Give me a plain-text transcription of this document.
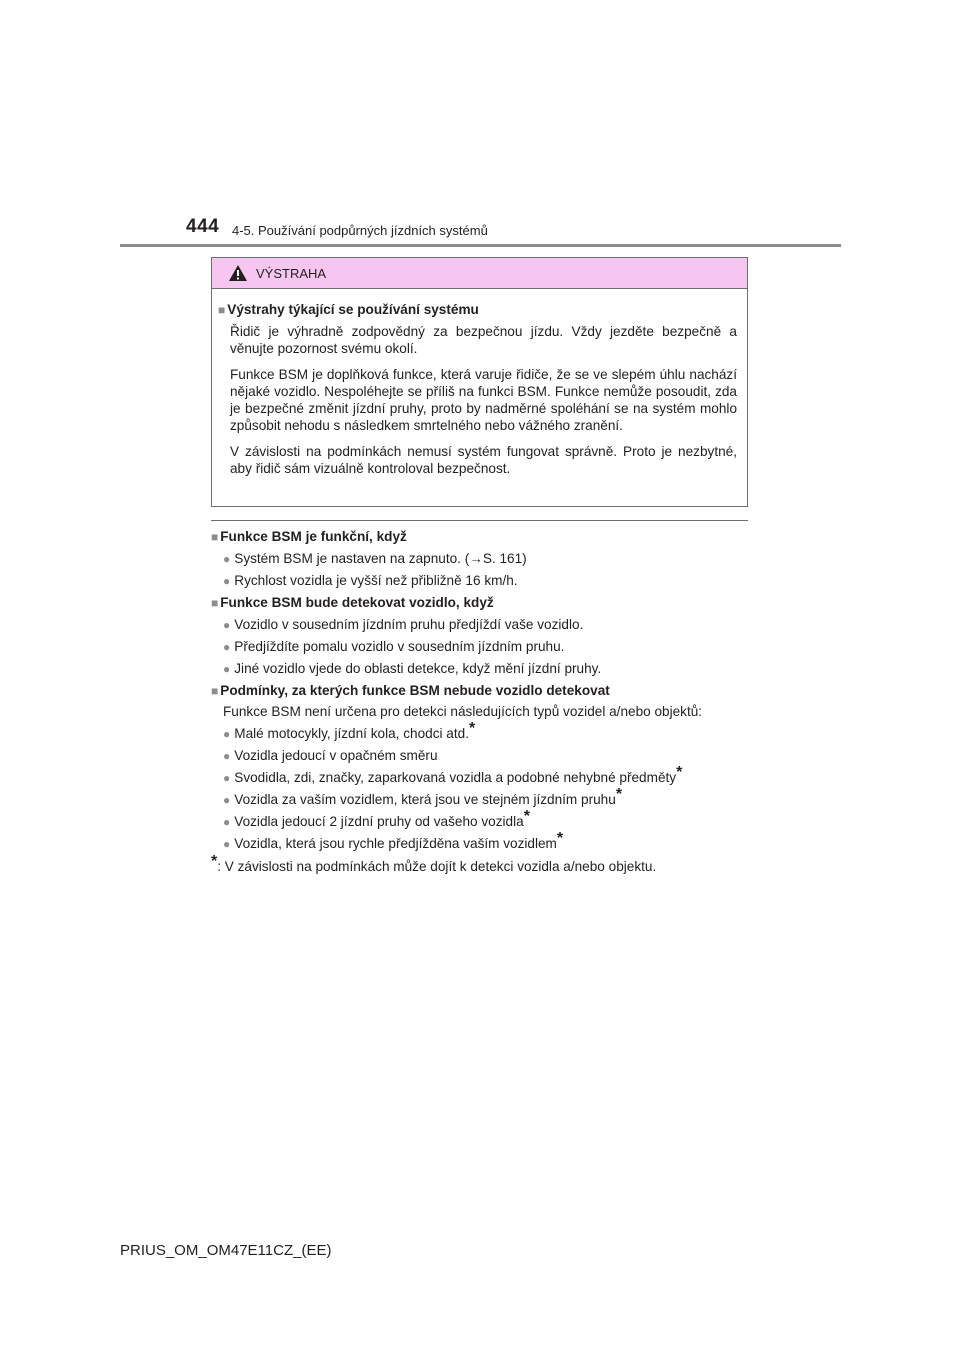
444 4-5. Používání podpůrných jízdních systémů
VÝSTRAHA
■ Výstrahy týkající se používání systému
Řidič je výhradně zodpovědný za bezpečnou jízdu. Vždy jezděte bezpečně a věnujte pozornost svému okolí.
Funkce BSM je doplňková funkce, která varuje řidiče, že se ve slepém úhlu nachází nějaké vozidlo. Nespoléhejte se příliš na funkci BSM. Funkce nemůže posoudit, zda je bezpečné změnit jízdní pruhy, proto by nadměrné spoléhání se na systém mohlo způsobit nehodu s následkem smrtelného nebo vážného zranění.
V závislosti na podmínkách nemusí systém fungovat správně. Proto je nezbytné, aby řidič sám vizuálně kontroloval bezpečnost.
■ Funkce BSM je funkční, když
● Systém BSM je nastaven na zapnuto. (→S. 161)
● Rychlost vozidla je vyšší než přibližně 16 km/h.
■ Funkce BSM bude detekovat vozidlo, když
● Vozidlo v sousedním jízdním pruhu předjíždí vaše vozidlo.
● Předjíždíte pomalu vozidlo v sousedním jízdním pruhu.
● Jiné vozidlo vjede do oblasti detekce, když mění jízdní pruhy.
■ Podmínky, za kterých funkce BSM nebude vozidlo detekovat
Funkce BSM není určena pro detekci následujících typů vozidel a/nebo objektů:
● Malé motocykly, jízdní kola, chodci atd.*
● Vozidla jedoucí v opačném směru
● Svodidla, zdi, značky, zaparkovaná vozidla a podobné nehybné předměty*
● Vozidla za vaším vozidlem, která jsou ve stejném jízdním pruhu*
● Vozidla jedoucí 2 jízdní pruhy od vašeho vozidla*
● Vozidla, která jsou rychle předjížděna vaším vozidlem*
*: V závislosti na podmínkách může dojít k detekci vozidla a/nebo objektu.
PRIUS_OM_OM47E11CZ_(EE)
